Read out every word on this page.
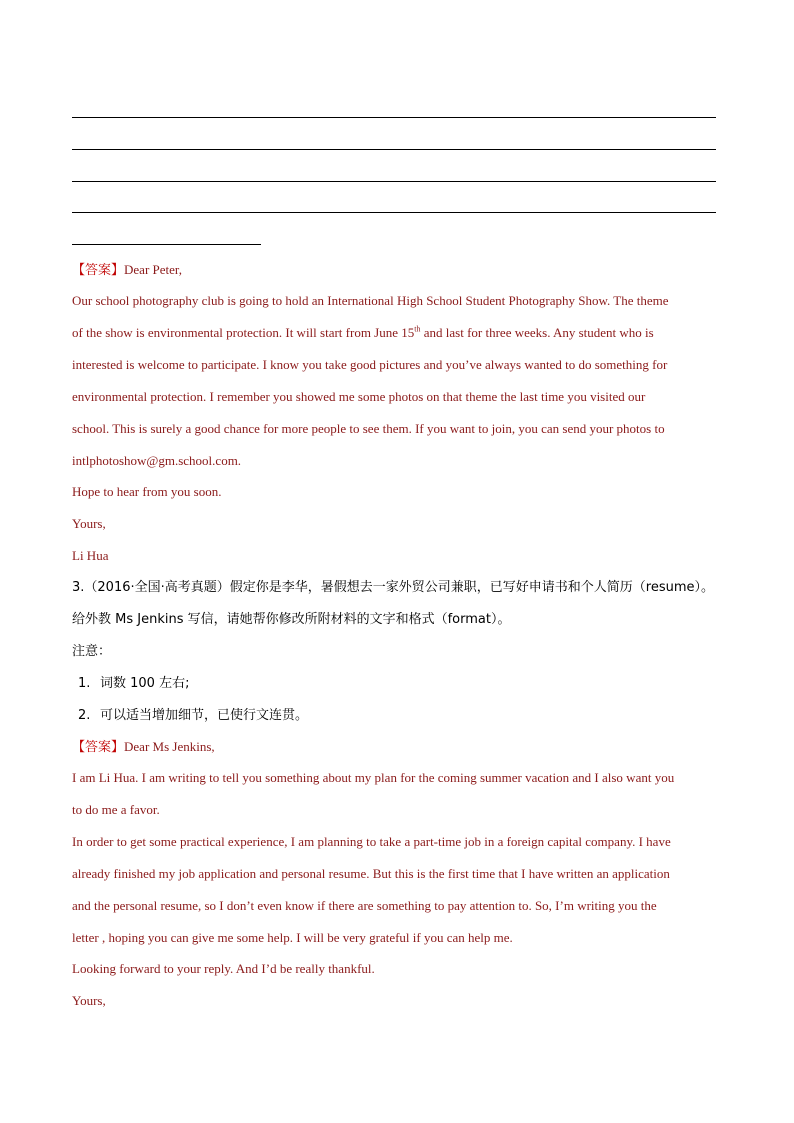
【答案】Dear Peter,
Our school photography club is going to hold an International High School Student Photography Show. The theme
of the show is environmental protection. It will start from June 15th and last for three weeks. Any student who is
interested is welcome to participate. I know you take good pictures and you’ve always wanted to do something for
environmental protection. I remember you showed me some photos on that theme the last time you visited our
school. This is surely a good chance for more people to see them. If you want to join, you can send your photos to
intlphotoshow@gm.school.com.
Hope to hear from you soon.
Yours,
Li Hua
3.（2016·全国·高考真题）假定你是李华，暑假想去一家外贸公司兼职，已写好申请书和个人简历（resume）。
给外教 Ms Jenkins 写信，请她帮你修改所附材料的文字和格式（format）。
注意：
1. 词数 100 左右;
2. 可以适当增加细节，已使行文连贯。
【答案】Dear Ms Jenkins,
I am Li Hua. I am writing to tell you something about my plan for the coming summer vacation and I also want you
to do me a favor.
In order to get some practical experience, I am planning to take a part-time job in a foreign capital company. I have
already finished my job application and personal resume. But this is the first time that I have written an application
and the personal resume, so I don’t even know if there are something to pay attention to. So, I’m writing you the
letter , hoping you can give me some help. I will be very grateful if you can help me.
Looking forward to your reply. And I’d be really thankful.
Yours,
